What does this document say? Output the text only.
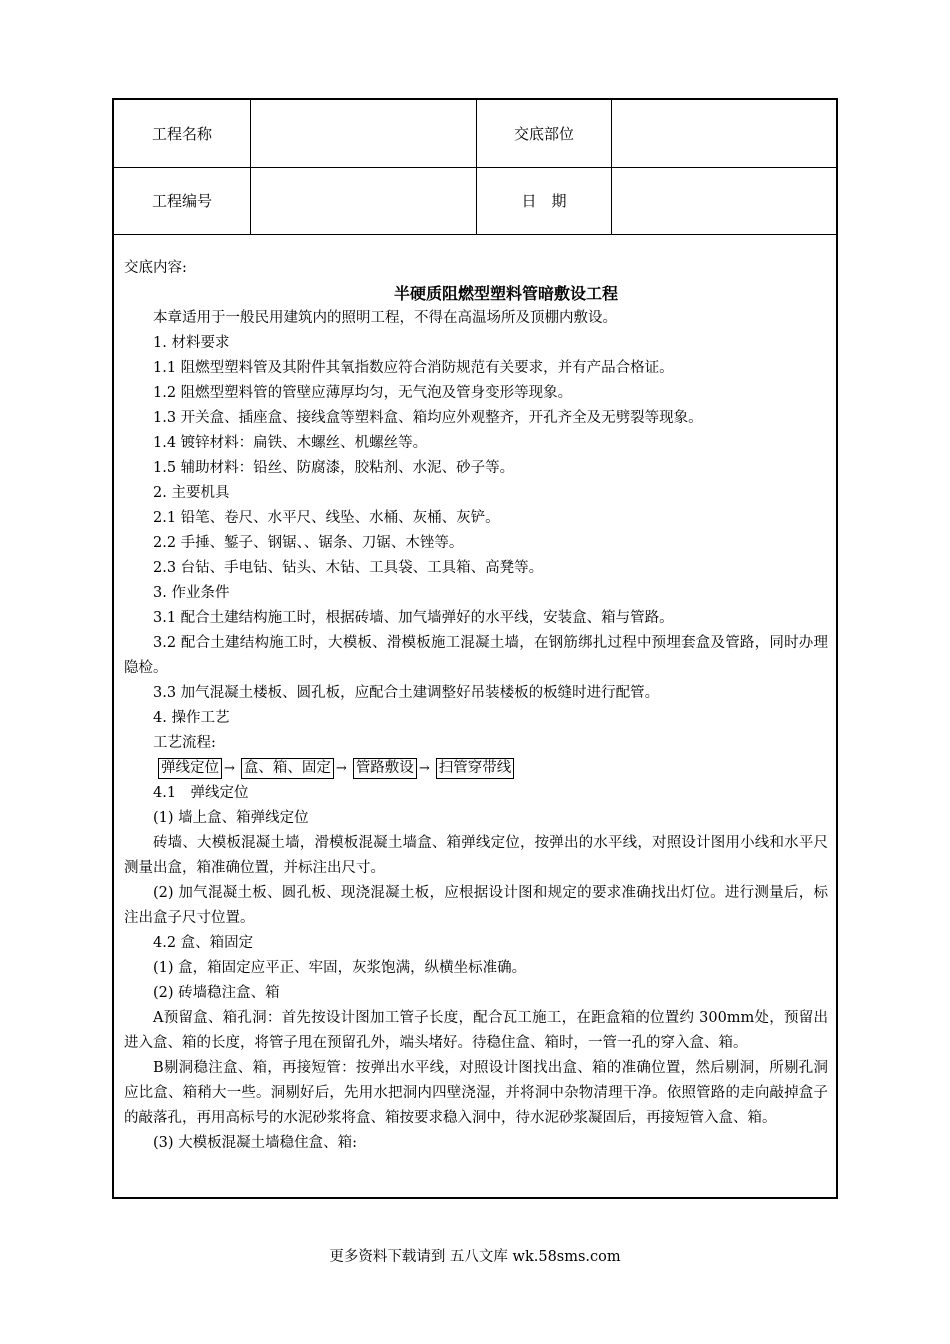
工程名称	交底部位
工程编号	日　期
交底内容:
半硬质阻燃型塑料管暗敷设工程
本章适用于一般民用建筑内的照明工程，不得在高温场所及顶棚内敷设。
1. 材料要求
1.1 阻燃型塑料管及其附件其氧指数应符合消防规范有关要求，并有产品合格证。
1.2 阻燃型塑料管的管壁应薄厚均匀，无气泡及管身变形等现象。
1.3 开关盒、插座盒、接线盒等塑料盒、箱均应外观整齐，开孔齐全及无劈裂等现象。
1.4 镀锌材料：扁铁、木螺丝、机螺丝等。
1.5 辅助材料：铅丝、防腐漆，胶粘剂、水泥、砂子等。
2. 主要机具
2.1 铅笔、卷尺、水平尺、线坠、水桶、灰桶、灰铲。
2.2 手捶、錾子、钢锯、、锯条、刀锯、木锉等。
2.3 台钻、手电钻、钻头、木钻、工具袋、工具箱、高凳等。
3. 作业条件
3.1 配合土建结构施工时，根据砖墙、加气墙弹好的水平线，安装盒、箱与管路。
3.2 配合土建结构施工时，大模板、滑模板施工混凝土墙，在钢筋绑扎过程中预埋套盒及管路，同时办理隐检。
3.3 加气混凝土楼板、圆孔板，应配合土建调整好吊装楼板的板缝时进行配管。
4. 操作工艺
工艺流程:
弹线定位 → 盒、箱、固定 → 管路敷设 → 扫管穿带线
4.1　弹线定位
(1) 墙上盒、箱弹线定位
砖墙、大模板混凝土墙，滑模板混凝土墙盒、箱弹线定位，按弹出的水平线，对照设计图用小线和水平尺测量出盒，箱准确位置，并标注出尺寸。
(2) 加气混凝土板、圆孔板、现浇混凝土板，应根据设计图和规定的要求准确找出灯位。进行测量后，标注出盒子尺寸位置。
4.2 盒、箱固定
(1) 盒，箱固定应平正、牢固，灰浆饱满，纵横坐标准确。
(2) 砖墙稳注盒、箱
A预留盒、箱孔洞：首先按设计图加工管子长度，配合瓦工施工，在距盒箱的位置约 300mm处，预留出进入盒、箱的长度，将管子甩在预留孔外，端头堵好。待稳住盒、箱时，一管一孔的穿入盒、箱。
B剔洞稳注盒、箱，再接短管：按弹出水平线，对照设计图找出盒、箱的准确位置，然后剔洞，所剔孔洞应比盒、箱稍大一些。洞剔好后，先用水把洞内四壁浇湿，并将洞中杂物清理干净。依照管路的走向敲掉盒子的敲落孔，再用高标号的水泥砂浆将盒、箱按要求稳入洞中，待水泥砂浆凝固后，再接短管入盒、箱。
(3) 大模板混凝土墙稳住盒、箱:
更多资料下载请到 五八文库 wk.58sms.com
